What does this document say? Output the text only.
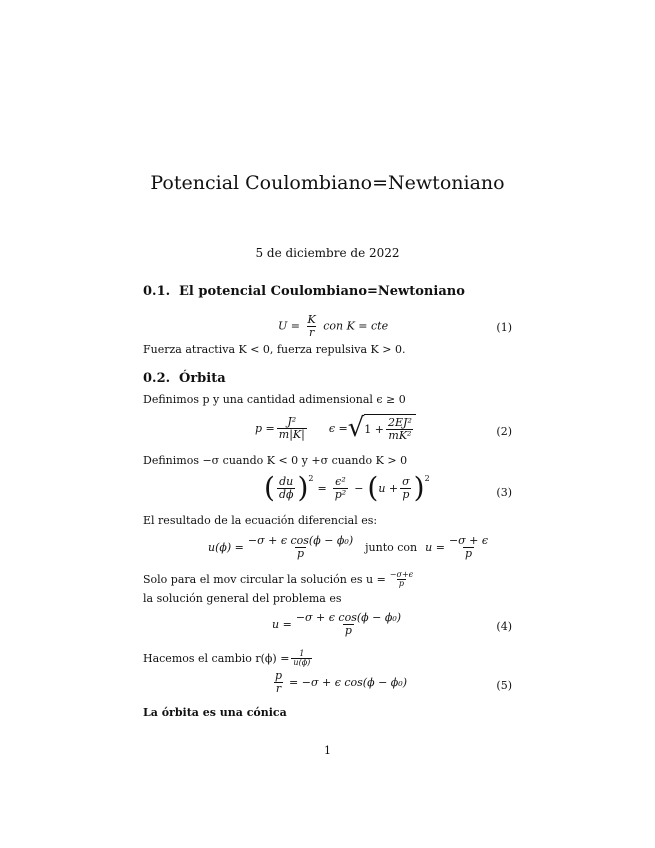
Potencial Coulombiano=Newtoniano
5 de diciembre de 2022
0.1. El potencial Coulombiano=Newtoniano
$U = \frac{K}{r}$ con K = cte	(1)
Fuerza atractiva K < 0, fuerza repulsiva K > 0.
0.2. Órbita
Definimos p y una cantidad adimensional ϵ ≥ 0
$p = \frac{\text{J²}}{m|K|}$ ϵ = √ $1 + \frac{\text{2EJ²}}{\text{mK²}}$	(2)
Definimos −σ cuando K < 0 y +σ cuando K > 0
( $\frac{du}{d\phi} )^2$
= $\frac{\text{ϵ²}}{\text{p²}}$ − ( $u + \frac{\sigma}{p} )^2$
(3)
El resultado de la ecuación diferencial es:
$u(\phi) = \frac{\text{−σ + ϵ cos(ϕ − ϕ₀)}}{p}$ junto con $u = \frac{-\sigma + \epsilon}{p}$
Solo para el mov circular la solución es $u = \frac{-\sigma+\epsilon}{p}$
la solución general del problema es
$u = \frac{\text{−σ + ϵ cos(ϕ − ϕ₀)}}{p}$	(4)
Hacemos el cambio $r(\phi) = \frac{1}{u(\phi)}$
$\frac{p}{r} = -\sigma + \epsilon$ cos(ϕ − ϕ₀)	(5)
La órbita es una cónica
1
